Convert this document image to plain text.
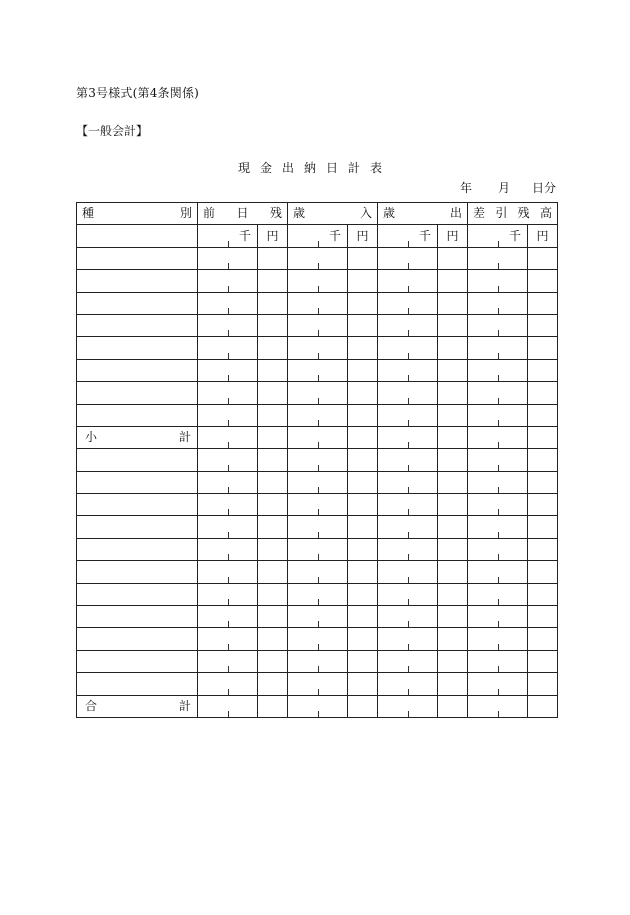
第3号様式(第4条関係)
【一般会計】
現金出納日計表
年 月 日分
種 別	前 日 残		歳 入		歳 出		差 引 残 高	

	千	円	千	円	千	円	千	円

小 計								

合 計								
